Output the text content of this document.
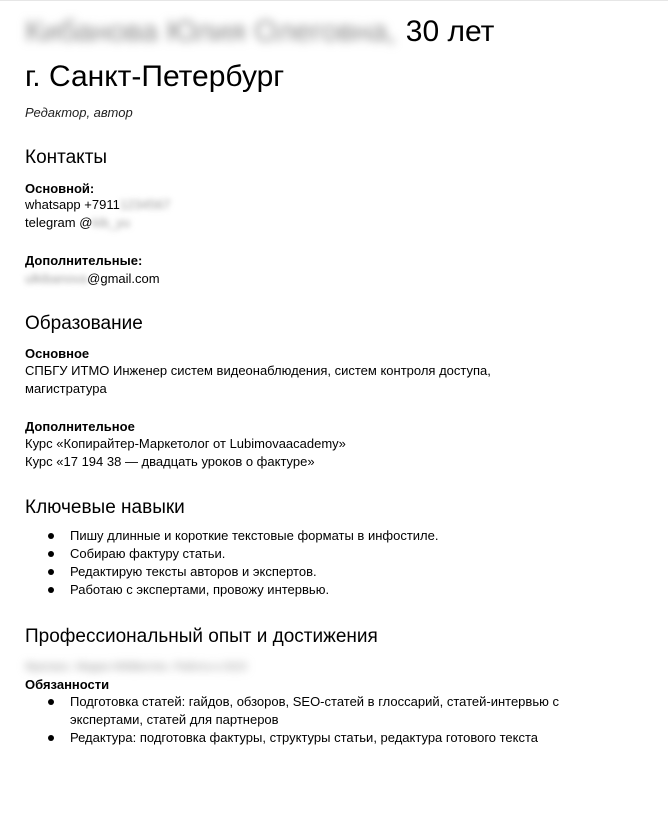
Кибанова Юлия Олеговна, 30 лет
г. Санкт-Петербург
Редактор, автор
Контакты
Основной:
whatsapp +79111234567
telegram @kib_yu
Дополнительные:
ulkibanova@gmail.com
Образование
Основное
СПБГУ ИТМО Инженер систем видеонаблюдения, систем контроля доступа, магистратура
Дополнительное
Курс «Копирайтер-Маркетолог от Lubimovaacademy»
Курс «17 194 38 — двадцать уроков о фактуре»
Ключевые навыки
Пишу длинные и короткие текстовые форматы в инфостиле.
Собираю фактуру статьи.
Редактирую тексты авторов и экспертов.
Работаю с экспертами, провожу интервью.
Профессиональный опыт и достижения
Фриланс. Медиа Wildberries. Работа в 2023
Обязанности
Подготовка статей: гайдов, обзоров, SEO-статей в глоссарий, статей-интервью с экспертами, статей для партнеров
Редактура: подготовка фактуры, структуры статьи, редактура готового текста
